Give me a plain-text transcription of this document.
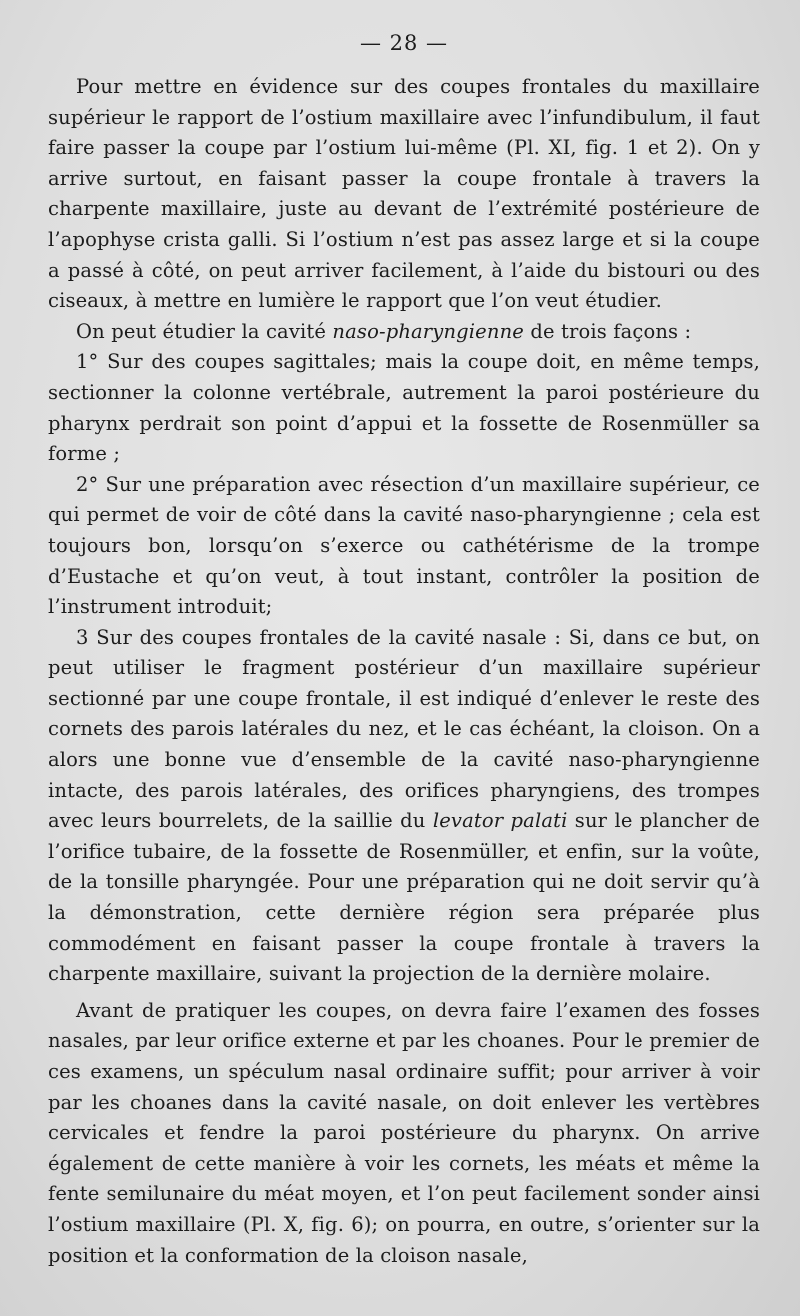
— 28 —

Pour mettre en évidence sur des coupes frontales du maxillaire supérieur le rapport de l’ostium maxillaire avec l’infundibulum, il faut faire passer la coupe par l’ostium lui-même (Pl. XI, fig. 1 et 2). On y arrive surtout, en faisant passer la coupe frontale à travers la charpente maxillaire, juste au devant de l’extrémité postérieure de l’apophyse crista galli. Si l’ostium n’est pas assez large et si la coupe a passé à côté, on peut arriver facilement, à l’aide du bistouri ou des ciseaux, à mettre en lumière le rapport que l’on veut étudier.

On peut étudier la cavité naso-pharyngienne de trois façons :

1° Sur des coupes sagittales; mais la coupe doit, en même temps, sectionner la colonne vertébrale, autrement la paroi postérieure du pharynx perdrait son point d’appui et la fossette de Rosenmüller sa forme ;

2° Sur une préparation avec résection d’un maxillaire supérieur, ce qui permet de voir de côté dans la cavité naso-pharyngienne ; cela est toujours bon, lorsqu’on s’exerce ou cathétérisme de la trompe d’Eustache et qu’on veut, à tout instant, contrôler la position de l’instrument introduit;

3 Sur des coupes frontales de la cavité nasale : Si, dans ce but, on peut utiliser le fragment postérieur d’un maxillaire supérieur sectionné par une coupe frontale, il est indiqué d’enlever le reste des cornets des parois latérales du nez, et le cas échéant, la cloison. On a alors une bonne vue d’ensemble de la cavité naso-pharyngienne intacte, des parois latérales, des orifices pharyngiens, des trompes avec leurs bourrelets, de la saillie du levator palati sur le plancher de l’orifice tubaire, de la fossette de Rosenmüller, et enfin, sur la voûte, de la tonsille pharyngée. Pour une préparation qui ne doit servir qu’à la démonstration, cette dernière région sera préparée plus commodément en faisant passer la coupe frontale à travers la charpente maxillaire, suivant la projection de la dernière molaire.

Avant de pratiquer les coupes, on devra faire l’examen des fosses nasales, par leur orifice externe et par les choanes. Pour le premier de ces examens, un spéculum nasal ordinaire suffit; pour arriver à voir par les choanes dans la cavité nasale, on doit enlever les vertèbres cervicales et fendre la paroi postérieure du pharynx. On arrive également de cette manière à voir les cornets, les méats et même la fente semilunaire du méat moyen, et l’on peut facilement sonder ainsi l’ostium maxillaire (Pl. X, fig. 6); on pourra, en outre, s’orienter sur la position et la conformation de la cloison nasale,
